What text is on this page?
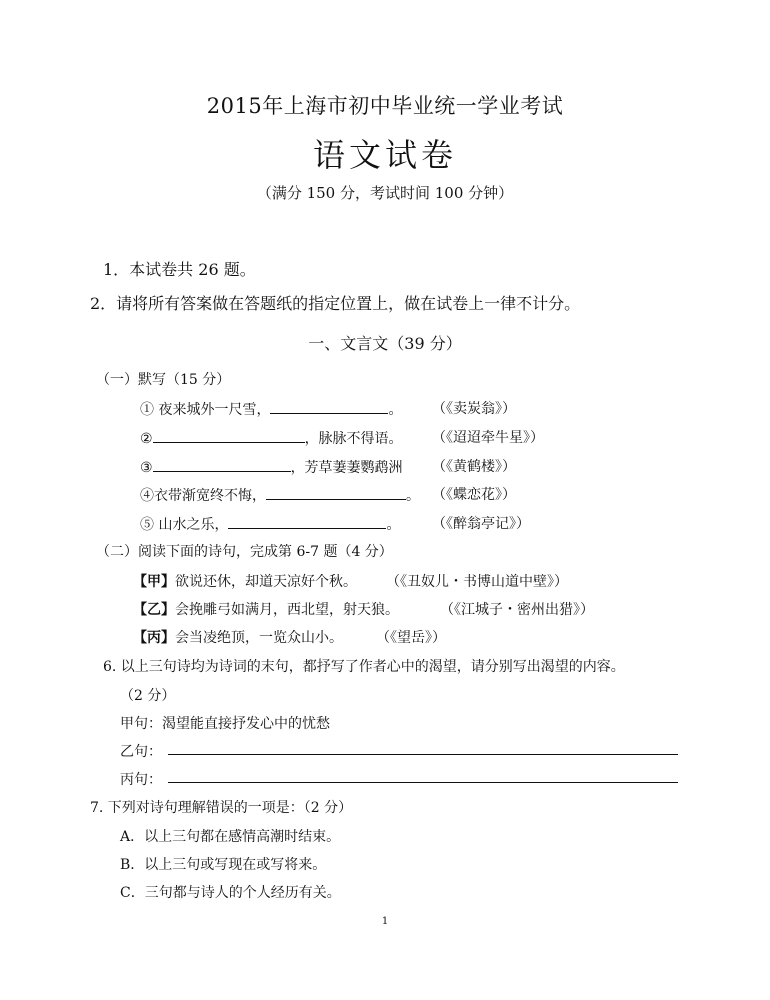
2015年上海市初中毕业统一学业考试
语文试卷
（满分 150 分，考试时间 100 分钟）
1．本试卷共 26 题。
2．请将所有答案做在答题纸的指定位置上，做在试卷上一律不计分。
一、文言文（39 分）
（一）默写（15 分）
① 夜来城外一尺雪，	。 （《卖炭翁》）
②	，脉脉不得语。 （《迢迢牵牛星》）
③	，芳草萋萋鹦鹉洲 （《黄鹤楼》）
④衣带渐宽终不悔，	。 （《蝶恋花》）
⑤ 山水之乐，	。 （《醉翁亭记》）
（二）阅读下面的诗句，完成第 6-7 题（4 分）
【甲】欲说还休，却道天凉好个秋。 （《丑奴儿・书博山道中壁》）
【乙】会挽雕弓如满月，西北望，射天狼。	（《江城子・密州出猎》）
【丙】会当凌绝顶，一览众山小。 （《望岳》）
6. 以上三句诗均为诗词的末句，都抒写了作者心中的渴望，请分别写出渴望的内容。
（2 分）
甲句：渴望能直接抒发心中的忧愁
乙句：
丙句：
7. 下列对诗句理解错误的一项是：（2 分）
A．以上三句都在感情高潮时结束。
B．以上三句或写现在或写将来。
C．三句都与诗人的个人经历有关。
1
